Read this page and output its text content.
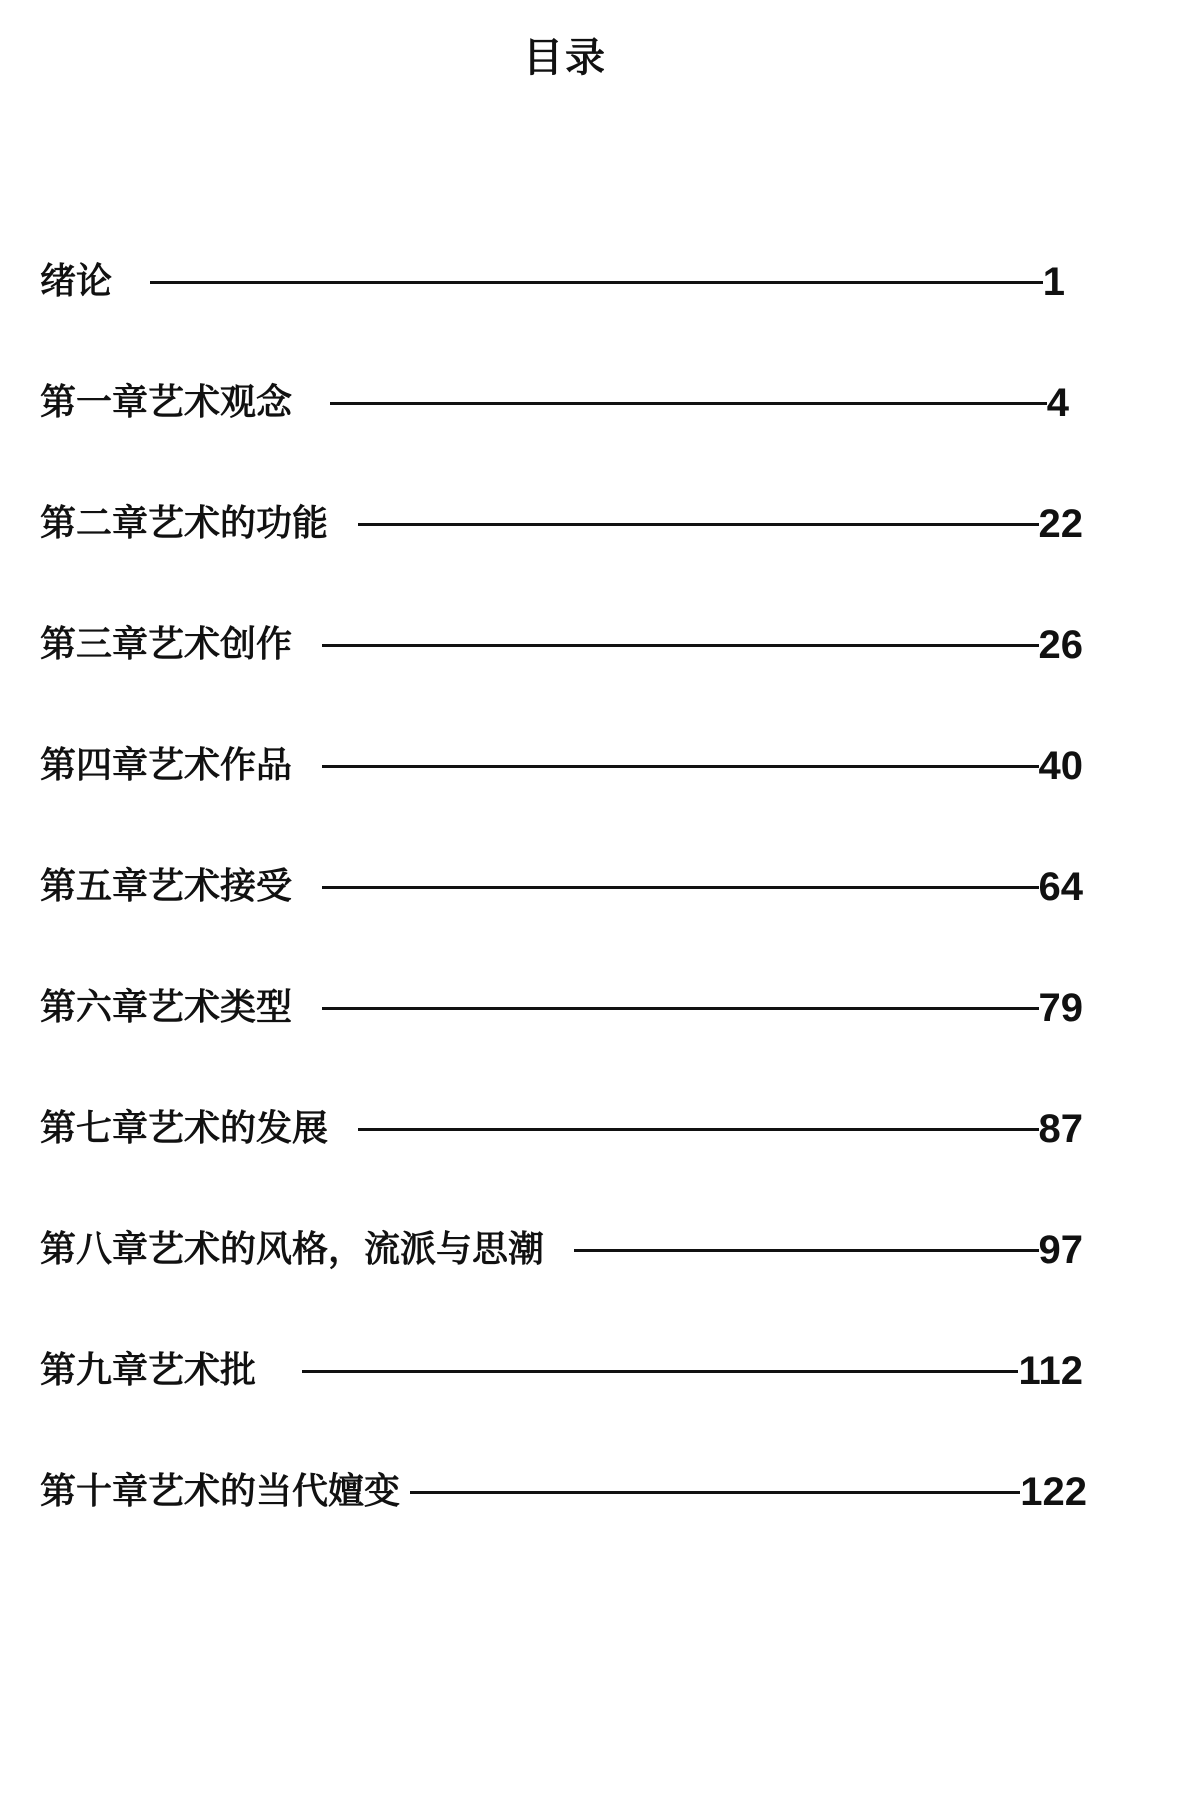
目录
绪论	1
第一章艺术观念	4
第二章艺术的功能	22
第三章艺术创作	26
第四章艺术作品	40
第五章艺术接受	64
第六章艺术类型	79
第七章艺术的发展	87
第八章艺术的风格，流派与思潮	97
第九章艺术批	112
第十章艺术的当代嬗变	122
